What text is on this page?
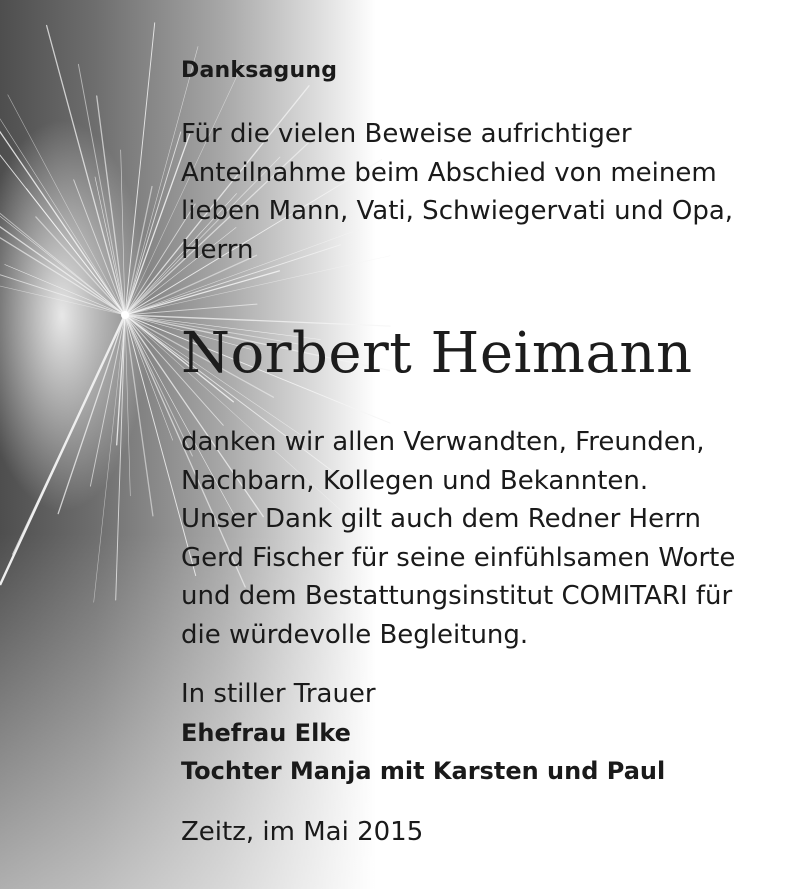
Danksagung
Für die vielen Beweise aufrichtiger
Anteilnahme beim Abschied von meinem
lieben Mann, Vati, Schwiegervati und Opa,
Herrn
Norbert Heimann
danken wir allen Verwandten, Freunden,
Nachbarn, Kollegen und Bekannten.
Unser Dank gilt auch dem Redner Herrn
Gerd Fischer für seine einfühlsamen Worte
und dem Bestattungsinstitut COMITARI für
die würdevolle Begleitung.
In stiller Trauer
Ehefrau Elke
Tochter Manja mit Karsten und Paul
Zeitz, im Mai 2015
